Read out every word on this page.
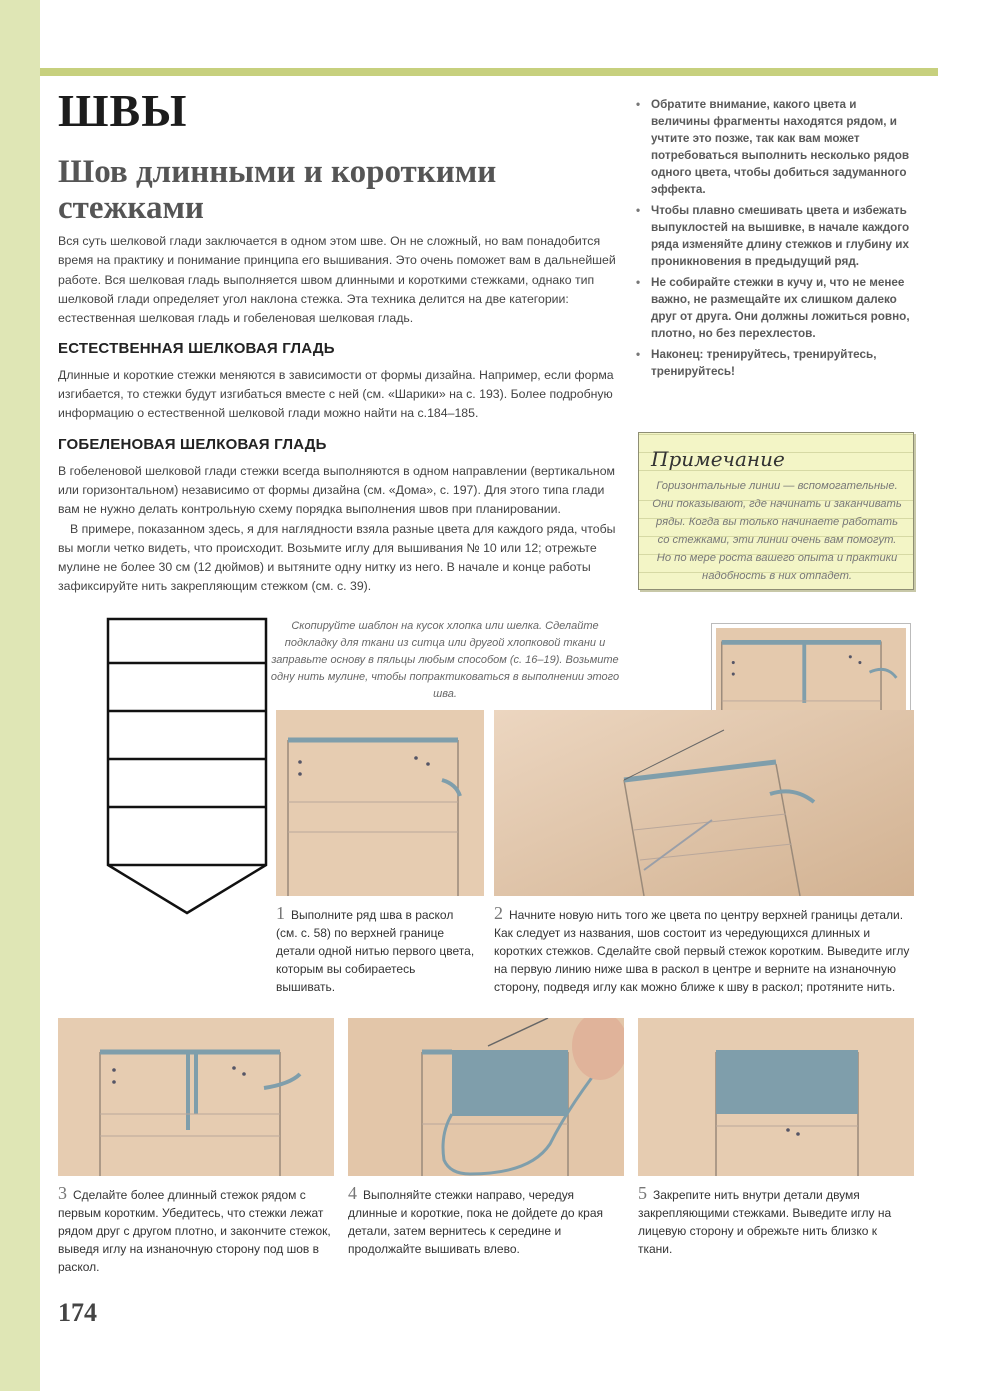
ШВЫ
Шов длинными и короткими стежками

Вся суть шелковой глади заключается в одном этом шве. Он не сложный, но вам понадобится время на практику и понимание принципа его вышивания. Это очень поможет вам в дальнейшей работе. Вся шелковая гладь выполняется швом длинными и короткими стежками, однако тип шелковой глади определяет угол наклона стежка. Эта техника делится на две категории: естественная шелковая гладь и гобеленовая шелковая гладь.

ЕСТЕСТВЕННАЯ ШЕЛКОВАЯ ГЛАДЬ

Длинные и короткие стежки меняются в зависимости от формы дизайна. Например, если форма изгибается, то стежки будут изгибаться вместе с ней (см. «Шарики» на с. 193). Более подробную информацию о естественной шелковой глади можно найти на с.184–185.

ГОБЕЛЕНОВАЯ ШЕЛКОВАЯ ГЛАДЬ

В гобеленовой шелковой глади стежки всегда выполняются в одном направлении (вертикальном или горизонтальном) независимо от формы дизайна (см. «Дома», с. 197). Для этого типа глади вам не нужно делать контрольную схему порядка выполнения швов при планировании.

В примере, показанном здесь, я для наглядности взяла разные цвета для каждого ряда, чтобы вы могли четко видеть, что происходит. Возьмите иглу для вышивания № 10 или 12; отрежьте мулине не более 30 см (12 дюймов) и вытяните одну нитку из него. В начале и конце работы зафиксируйте нить закрепляющим стежком (см. с. 39).

• Обратите внимание, какого цвета и величины фрагменты находятся рядом, и учтите это позже, так как вам может потребоваться выполнить несколько рядов одного цвета, чтобы добиться задуманного эффекта.
• Чтобы плавно смешивать цвета и избежать выпуклостей на вышивке, в начале каждого ряда изменяйте длину стежков и глубину их проникновения в предыдущий ряд.
• Не собирайте стежки в кучу и, что не менее важно, не размещайте их слишком далеко друг от друга. Они должны ложиться ровно, плотно, но без перехлестов.
• Наконец: тренируйтесь, тренируйтесь, тренируйтесь!
Примечание
Горизонтальные линии — вспомогательные. Они показывают, где начинать и заканчивать ряды. Когда вы только начинаете работать со стежками, эти линии очень вам помогут. Но по мере роста вашего опыта и практики надобность в них отпадет.

Скопируйте шаблон на кусок хлопка или шелка. Сделайте подкладку для ткани из ситца или другой хлопковой ткани и заправьте основу в пяльцы любым способом (с. 16–19). Возьмите одну нить мулине, чтобы попрактиковаться в выполнении этого шва.

1 Выполните ряд шва в раскол (см. с. 58) по верхней границе детали одной нитью первого цвета, которым вы собираетесь вышивать.
2 Начните новую нить того же цвета по центру верхней границы детали. Как следует из названия, шов состоит из чередующихся длинных и коротких стежков. Сделайте свой первый стежок коротким. Выведите иглу на первую линию ниже шва в раскол в центре и верните на изнаночную сторону, подведя иглу как можно ближе к шву в раскол; протяните нить.
3 Сделайте более длинный стежок рядом с первым коротким. Убедитесь, что стежки лежат рядом друг с другом плотно, и закончите стежок, выведя иглу на изнаночную сторону под шов в раскол.
4 Выполняйте стежки направо, чередуя длинные и короткие, пока не дойдете до края детали, затем вернитесь к середине и продолжайте вышивать влево.
5 Закрепите нить внутри детали двумя закрепляющими стежками. Выведите иглу на лицевую сторону и обрежьте нить близко к ткани.
174
